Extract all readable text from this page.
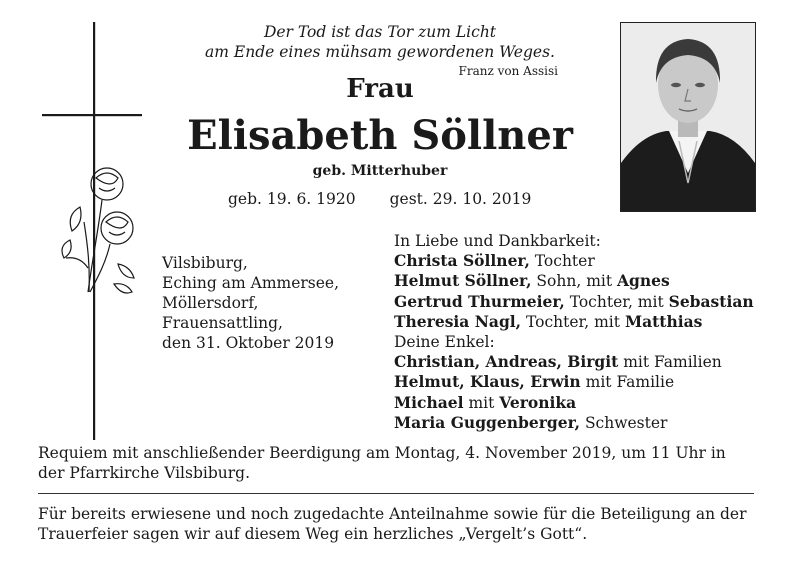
Der Tod ist das Tor zum Licht
am Ende eines mühsam gewordenen Weges.
Franz von Assisi
Frau
Elisabeth Söllner
geb. Mitterhuber
geb. 19. 6. 1920 gest. 29. 10. 2019
Vilsbiburg,
Eching am Ammersee,
Möllersdorf,
Frauensattling,
den 31. Oktober 2019
In Liebe und Dankbarkeit:
Christa Söllner, Tochter
Helmut Söllner, Sohn, mit Agnes
Gertrud Thurmeier, Tochter, mit Sebastian
Theresia Nagl, Tochter, mit Matthias
Deine Enkel:
Christian, Andreas, Birgit mit Familien
Helmut, Klaus, Erwin mit Familie
Michael mit Veronika
Maria Guggenberger, Schwester
Requiem mit anschließender Beerdigung am Montag, 4. November 2019, um 11 Uhr in der Pfarrkirche Vilsbiburg.
Für bereits erwiesene und noch zugedachte Anteilnahme sowie für die Beteiligung an der Trauerfeier sagen wir auf diesem Weg ein herzliches „Vergelt’s Gott“.
